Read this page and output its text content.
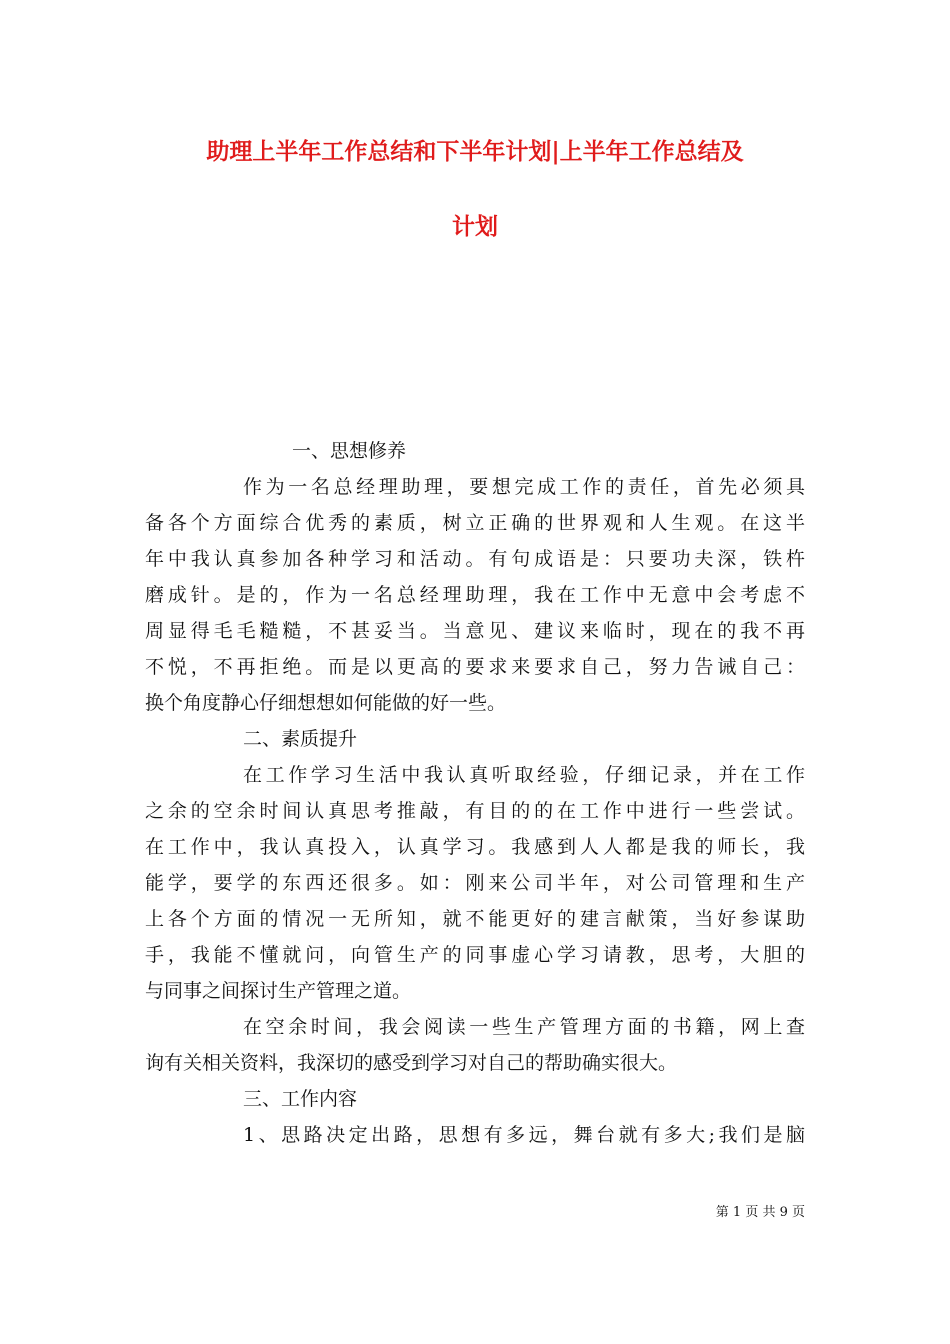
助理上半年工作总结和下半年计划|上半年工作总结及
计划
一、思想修养
作为一名总经理助理，要想完成工作的责任，首先必须具
备各个方面综合优秀的素质，树立正确的世界观和人生观。在这半
年中我认真参加各种学习和活动。有句成语是：只要功夫深，铁杵
磨成针。是的，作为一名总经理助理，我在工作中无意中会考虑不
周显得毛毛糙糙，不甚妥当。当意见、建议来临时，现在的我不再
不悦，不再拒绝。而是以更高的要求来要求自己，努力告诫自己：
换个角度静心仔细想想如何能做的好一些。
二、素质提升
在工作学习生活中我认真听取经验，仔细记录，并在工作
之余的空余时间认真思考推敲，有目的的在工作中进行一些尝试。
在工作中，我认真投入，认真学习。我感到人人都是我的师长，我
能学，要学的东西还很多。如：刚来公司半年，对公司管理和生产
上各个方面的情况一无所知，就不能更好的建言献策，当好参谋助
手，我能不懂就问，向管生产的同事虚心学习请教，思考，大胆的
与同事之间探讨生产管理之道。
在空余时间，我会阅读一些生产管理方面的书籍，网上查
询有关相关资料，我深切的感受到学习对自己的帮助确实很大。
三、工作内容
1、思路决定出路，思想有多远，舞台就有多大;我们是脑
第 1 页 共 9 页
